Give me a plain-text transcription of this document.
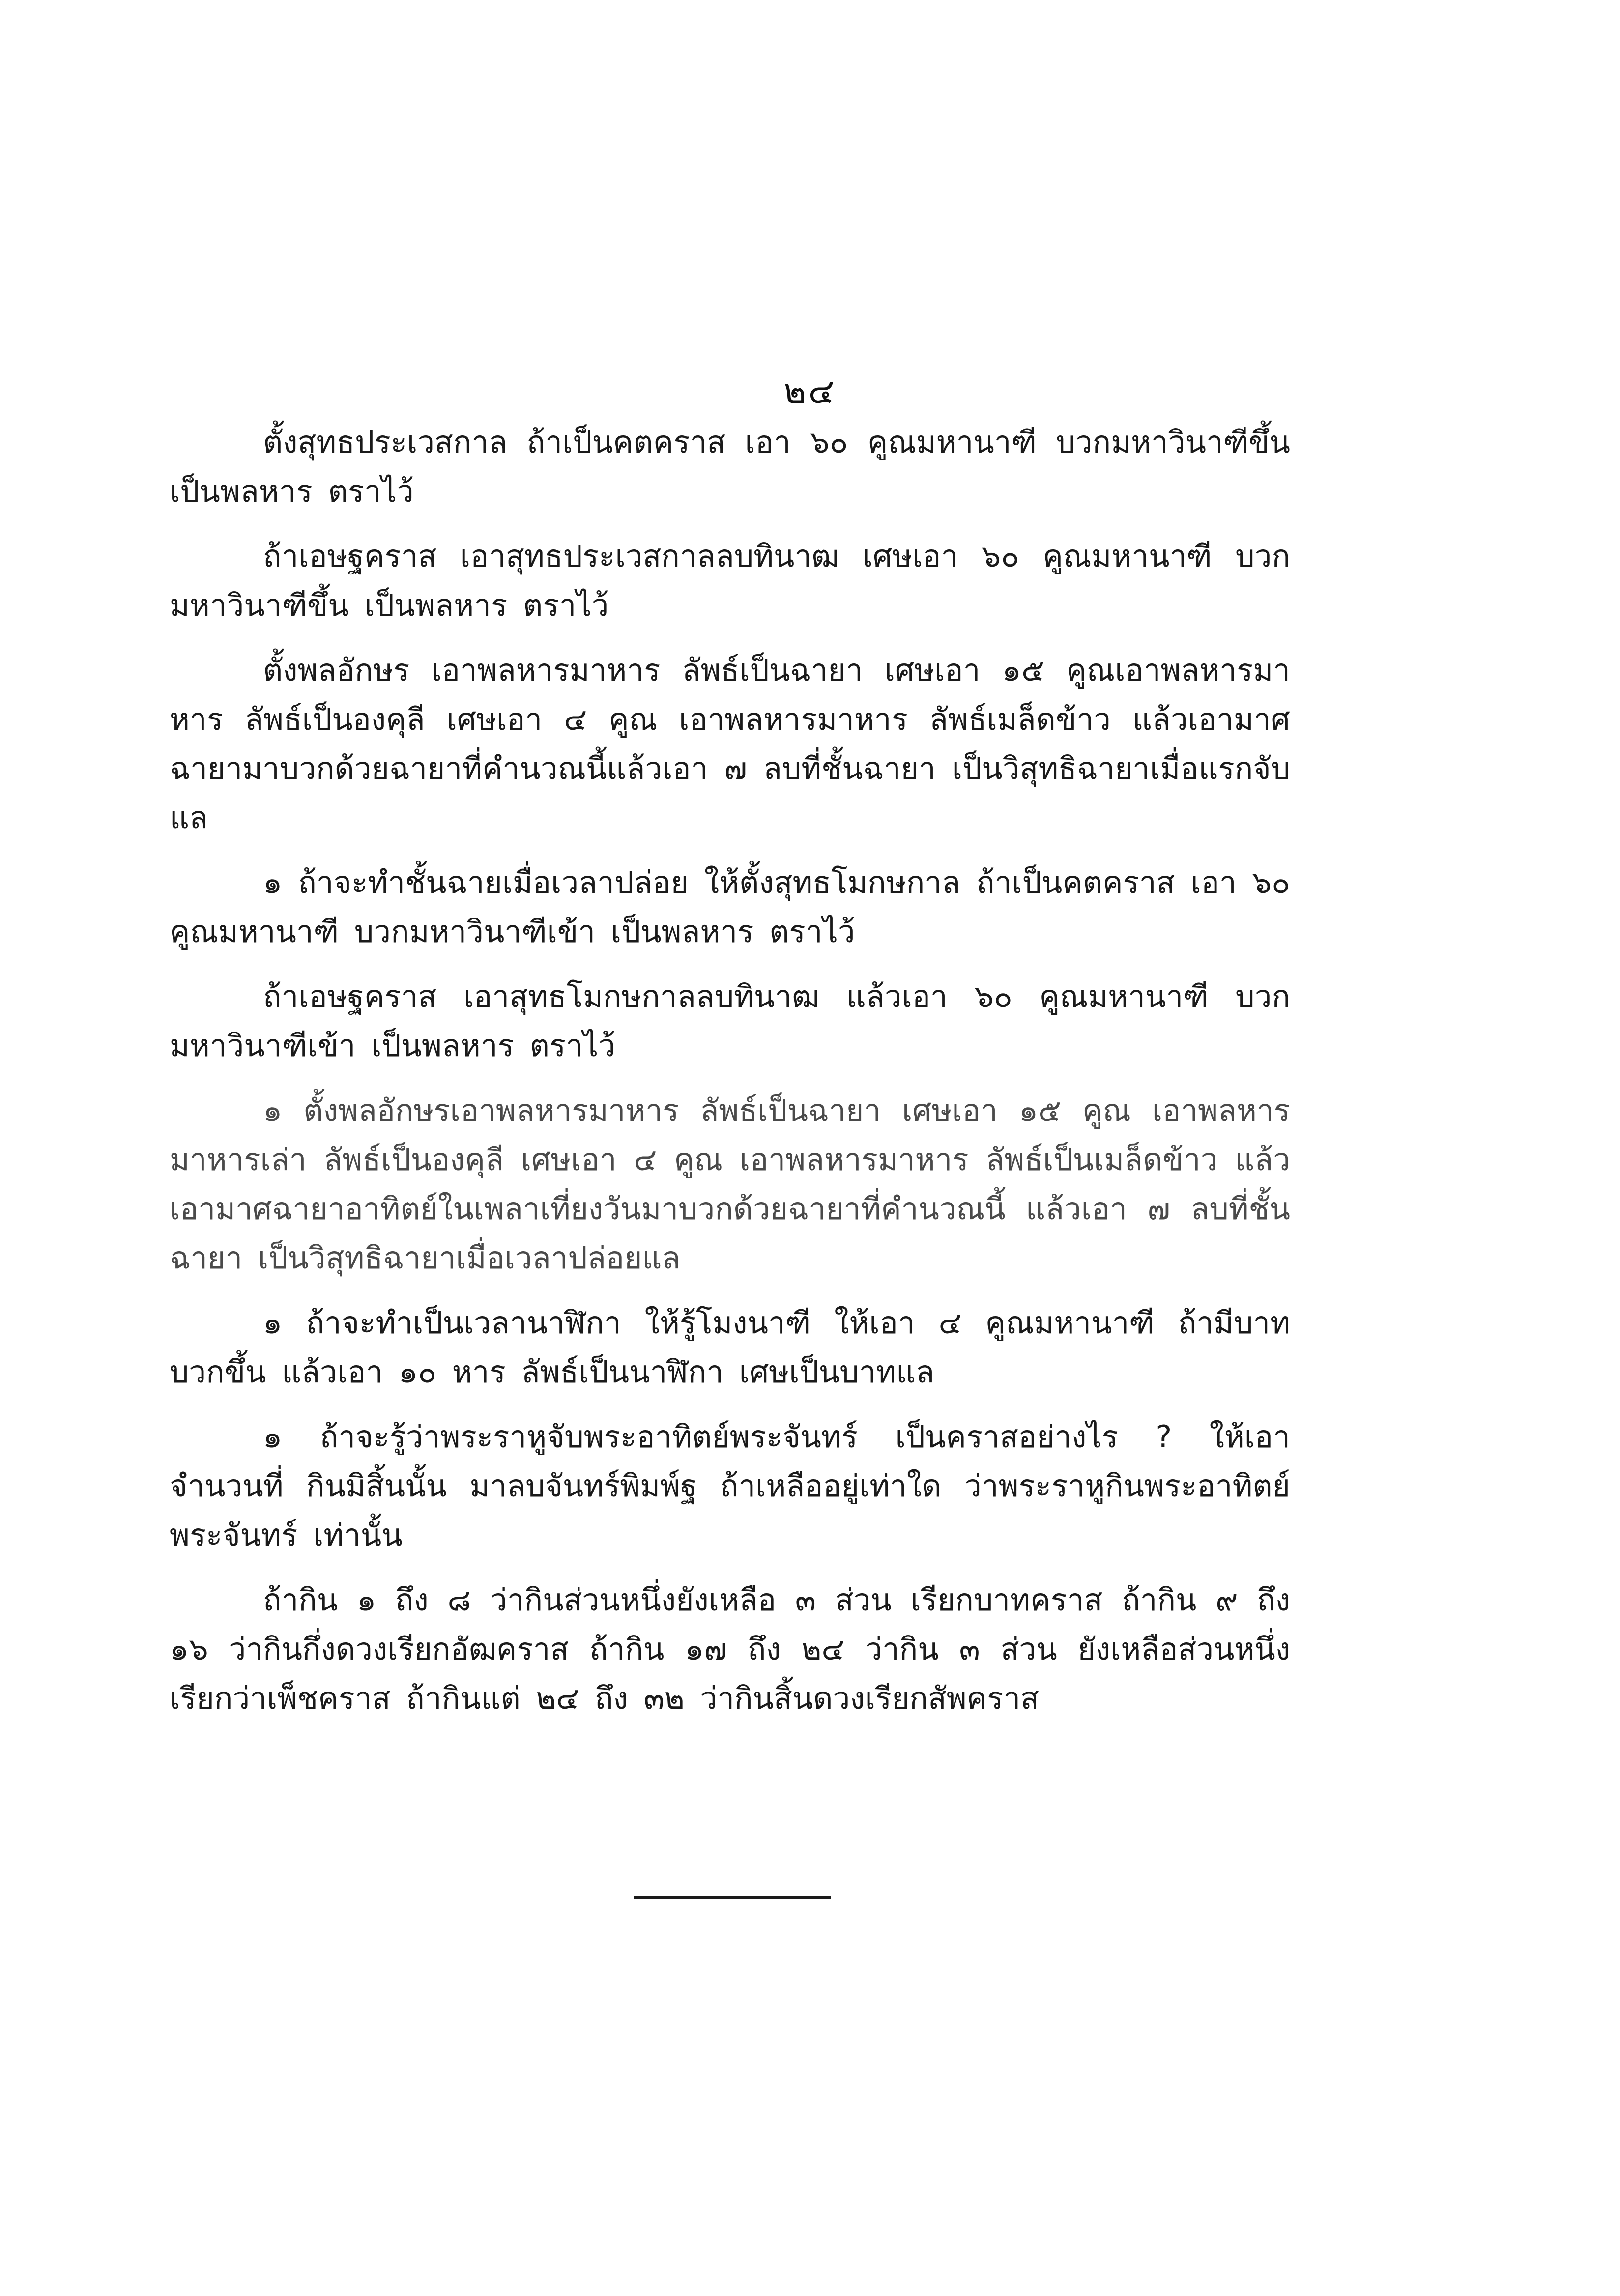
๒๔

ตั้งสุทธประเวสกาล ถ้าเป็นคตคราส เอา ๖๐ คูณมหานาฑี บวกมหาวินาฑีขึ้น เป็นพลหาร ตราไว้

ถ้าเอษฐคราส เอาสุทธประเวสกาลลบทินาฒ เศษเอา ๖๐ คูณมหานาฑี บวก มหาวินาฑีขึ้น เป็นพลหาร ตราไว้

ตั้งพลอักษร เอาพลหารมาหาร ลัพธ์เป็นฉายา เศษเอา ๑๕ คูณเอาพลหารมา หาร ลัพธ์เป็นองคุลี เศษเอา ๔ คูณ เอาพลหารมาหาร ลัพธ์เมล็ดข้าว แล้วเอามาศ ฉายามาบวกด้วยฉายาที่คำนวณนี้แล้วเอา ๗ ลบที่ชั้นฉายา เป็นวิสุทธิฉายาเมื่อแรกจับแล

๑ ถ้าจะทำชั้นฉายเมื่อเวลาปล่อย ให้ตั้งสุทธโมกษกาล ถ้าเป็นคตคราส เอา ๖๐ คูณมหานาฑี บวกมหาวินาฑีเข้า เป็นพลหาร ตราไว้

ถ้าเอษฐคราส เอาสุทธโมกษกาลลบทินาฒ แล้วเอา ๖๐ คูณมหานาฑี บวก มหาวินาฑีเข้า เป็นพลหาร ตราไว้

๑ ตั้งพลอักษรเอาพลหารมาหาร ลัพธ์เป็นฉายา เศษเอา ๑๕ คูณ เอาพลหาร มาหารเล่า ลัพธ์เป็นองคุลี เศษเอา ๔ คูณ เอาพลหารมาหาร ลัพธ์เป็นเมล็ดข้าว แล้ว เอามาศฉายาอาทิตย์ในเพลาเที่ยงวันมาบวกด้วยฉายาที่คำนวณนี้ แล้วเอา ๗ ลบที่ชั้น ฉายา เป็นวิสุทธิฉายาเมื่อเวลาปล่อยแล

๑ ถ้าจะทำเป็นเวลานาฬิกา ให้รู้โมงนาฑี ให้เอา ๔ คูณมหานาฑี ถ้ามีบาท บวกขึ้น แล้วเอา ๑๐ หาร ลัพธ์เป็นนาฬิกา เศษเป็นบาทแล

๑ ถ้าจะรู้ว่าพระราหูจับพระอาทิตย์พระจันทร์ เป็นคราสอย่างไร ? ให้เอาจำนวนที่ กินมิสิ้นนั้น มาลบจันทร์พิมพ์ฐ ถ้าเหลืออยู่เท่าใด ว่าพระราหูกินพระอาทิตย์ พระจันทร์ เท่านั้น

ถ้ากิน ๑ ถึง ๘ ว่ากินส่วนหนึ่งยังเหลือ ๓ ส่วน เรียกบาทคราส ถ้ากิน ๙ ถึง ๑๖ ว่ากินกึ่งดวงเรียกอัฒคราส ถ้ากิน ๑๗ ถึง ๒๔ ว่ากิน ๓ ส่วน ยังเหลือส่วนหนึ่ง เรียกว่าเพ็ชคราส ถ้ากินแต่ ๒๔ ถึง ๓๒ ว่ากินสิ้นดวงเรียกสัพคราส
